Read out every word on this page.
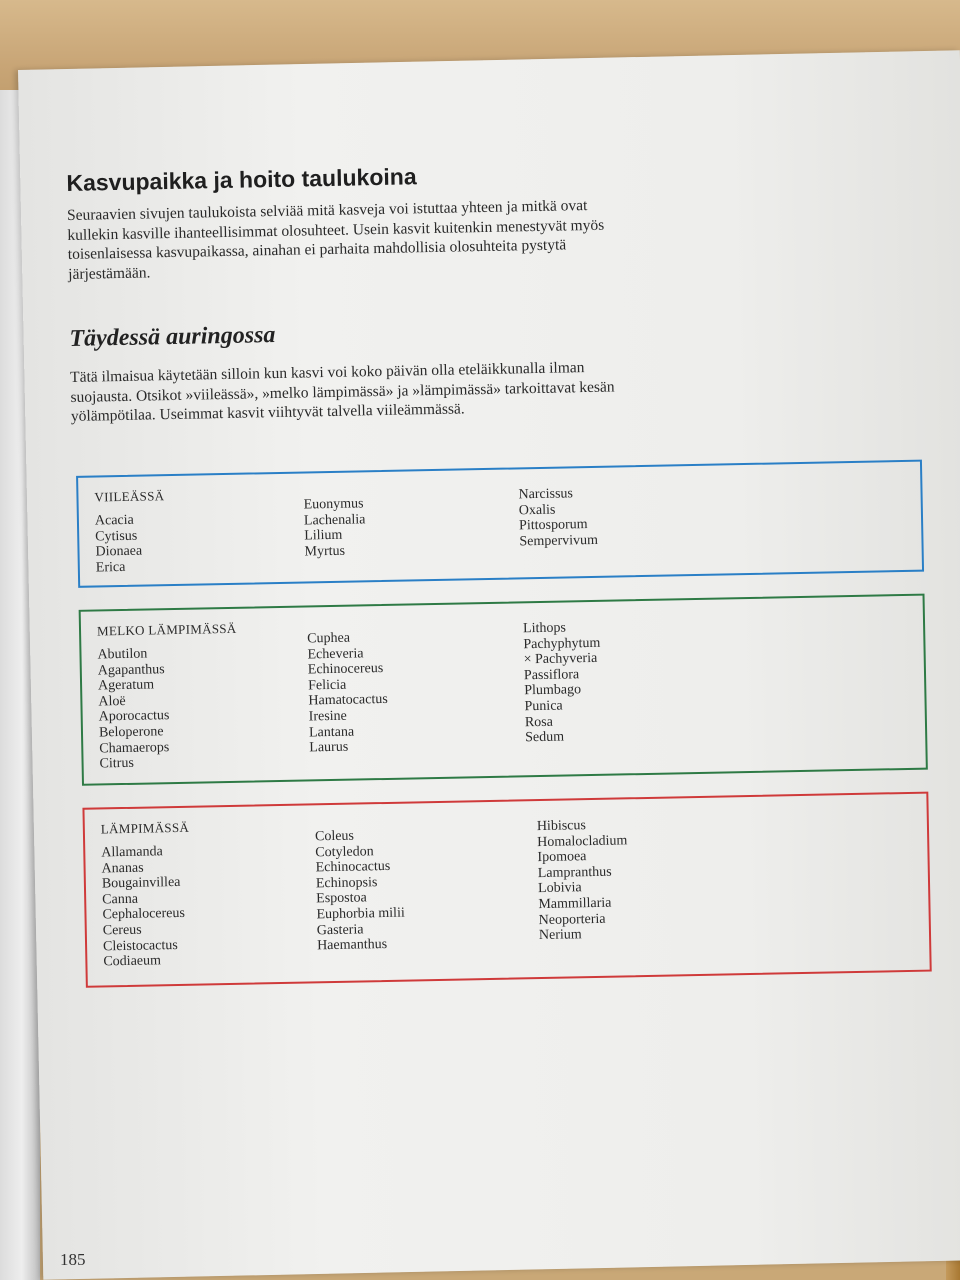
Kasvupaikka ja hoito taulukoina

Seuraavien sivujen taulukoista selviää mitä kasveja voi istuttaa yhteen ja mitkä ovat kullekin kasville ihanteellisimmat olosuhteet. Usein kasvit kuitenkin menestyvät myös toisenlaisessa kasvupaikassa, ainahan ei parhaita mahdollisia olosuhteita pystytä järjestämään.

Täydessä auringossa

Tätä ilmaisua käytetään silloin kun kasvi voi koko päivän olla eteläikkunalla ilman suojausta. Otsikot »viileässä», »melko lämpimässä» ja »lämpimässä» tarkoittavat kesän yölämpötilaa. Useimmat kasvit viihtyvät talvella viileämmässä.

VIILEÄSSÄ
Acacia
Cytisus
Dionaea
Erica
Euonymus
Lachenalia
Lilium
Myrtus
Narcissus
Oxalis
Pittosporum
Sempervivum
MELKO LÄMPIMÄSSÄ
Abutilon
Agapanthus
Ageratum
Aloë
Aporocactus
Beloperone
Chamaerops
Citrus
Cuphea
Echeveria
Echinocereus
Felicia
Hamatocactus
Iresine
Lantana
Laurus
Lithops
Pachyphytum
× Pachyveria
Passiflora
Plumbago
Punica
Rosa
Sedum
LÄMPIMÄSSÄ
Allamanda
Ananas
Bougainvillea
Canna
Cephalocereus
Cereus
Cleistocactus
Codiaeum
Coleus
Cotyledon
Echinocactus
Echinopsis
Espostoa
Euphorbia milii
Gasteria
Haemanthus
Hibiscus
Homalocladium
Ipomoea
Lampranthus
Lobivia
Mammillaria
Neoporteria
Nerium
185
